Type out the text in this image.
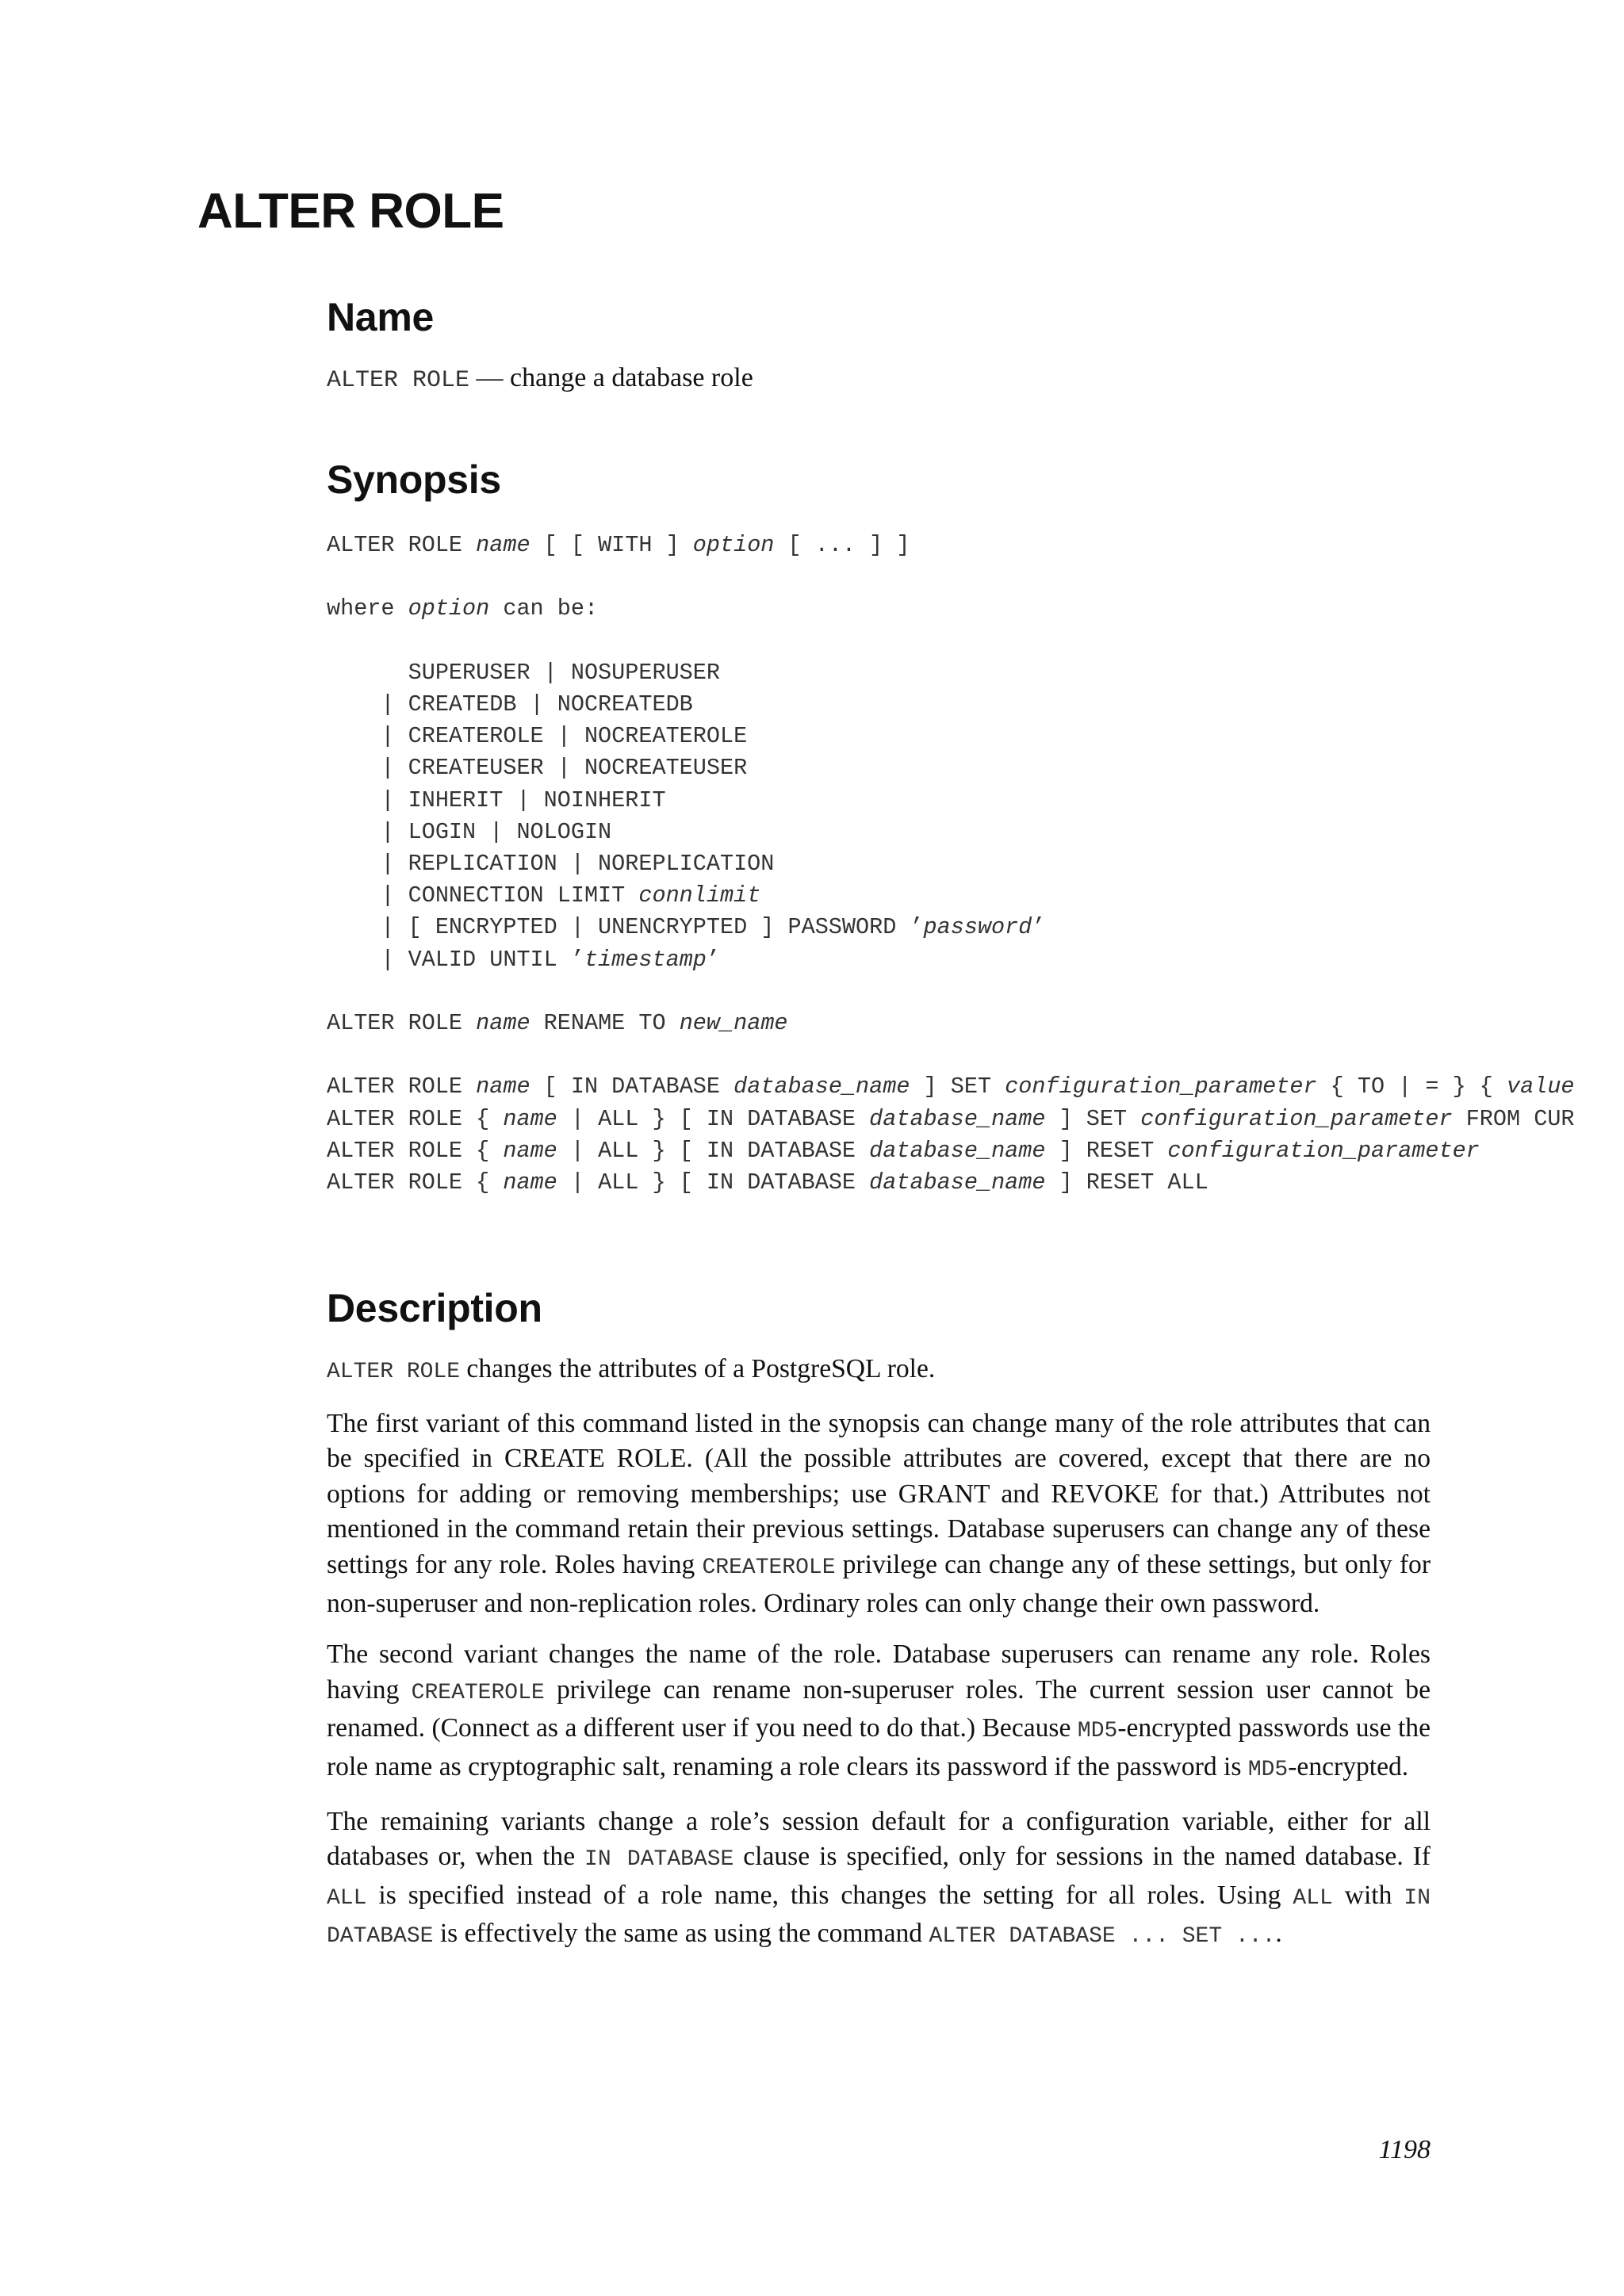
ALTER ROLE
Name
ALTER ROLE — change a database role
Synopsis
ALTER ROLE name [ [ WITH ] option [ ... ] ]

where option can be:

SUPERUSER | NOSUPERUSER
| CREATEDB | NOCREATEDB
| CREATEROLE | NOCREATEROLE
| CREATEUSER | NOCREATEUSER
| INHERIT | NOINHERIT
| LOGIN | NOLOGIN
| REPLICATION | NOREPLICATION
| CONNECTION LIMIT connlimit
| [ ENCRYPTED | UNENCRYPTED ] PASSWORD ’password’
| VALID UNTIL ’timestamp’

ALTER ROLE name RENAME TO new_name

ALTER ROLE name [ IN DATABASE database_name ] SET configuration_parameter { TO | = } { value
ALTER ROLE { name | ALL } [ IN DATABASE database_name ] SET configuration_parameter FROM CUR
ALTER ROLE { name | ALL } [ IN DATABASE database_name ] RESET configuration_parameter
ALTER ROLE { name | ALL } [ IN DATABASE database_name ] RESET ALL
Description

ALTER ROLE changes the attributes of a PostgreSQL role.

The first variant of this command listed in the synopsis can change many of the role attributes that can be specified in CREATE ROLE. (All the possible attributes are covered, except that there are no options for adding or removing memberships; use GRANT and REVOKE for that.) Attributes not mentioned in the command retain their previous settings. Database superusers can change any of these settings for any role. Roles having CREATEROLE privilege can change any of these settings, but only for non-superuser and non-replication roles. Ordinary roles can only change their own password.

The second variant changes the name of the role. Database superusers can rename any role. Roles having CREATEROLE privilege can rename non-superuser roles. The current session user cannot be renamed. (Connect as a different user if you need to do that.) Because MD5-encrypted passwords use the role name as cryptographic salt, renaming a role clears its password if the password is MD5-encrypted.

The remaining variants change a role’s session default for a configuration variable, either for all databases or, when the IN DATABASE clause is specified, only for sessions in the named database. If ALL is specified instead of a role name, this changes the setting for all roles. Using ALL with IN DATABASE is effectively the same as using the command ALTER DATABASE ... SET ....

1198
